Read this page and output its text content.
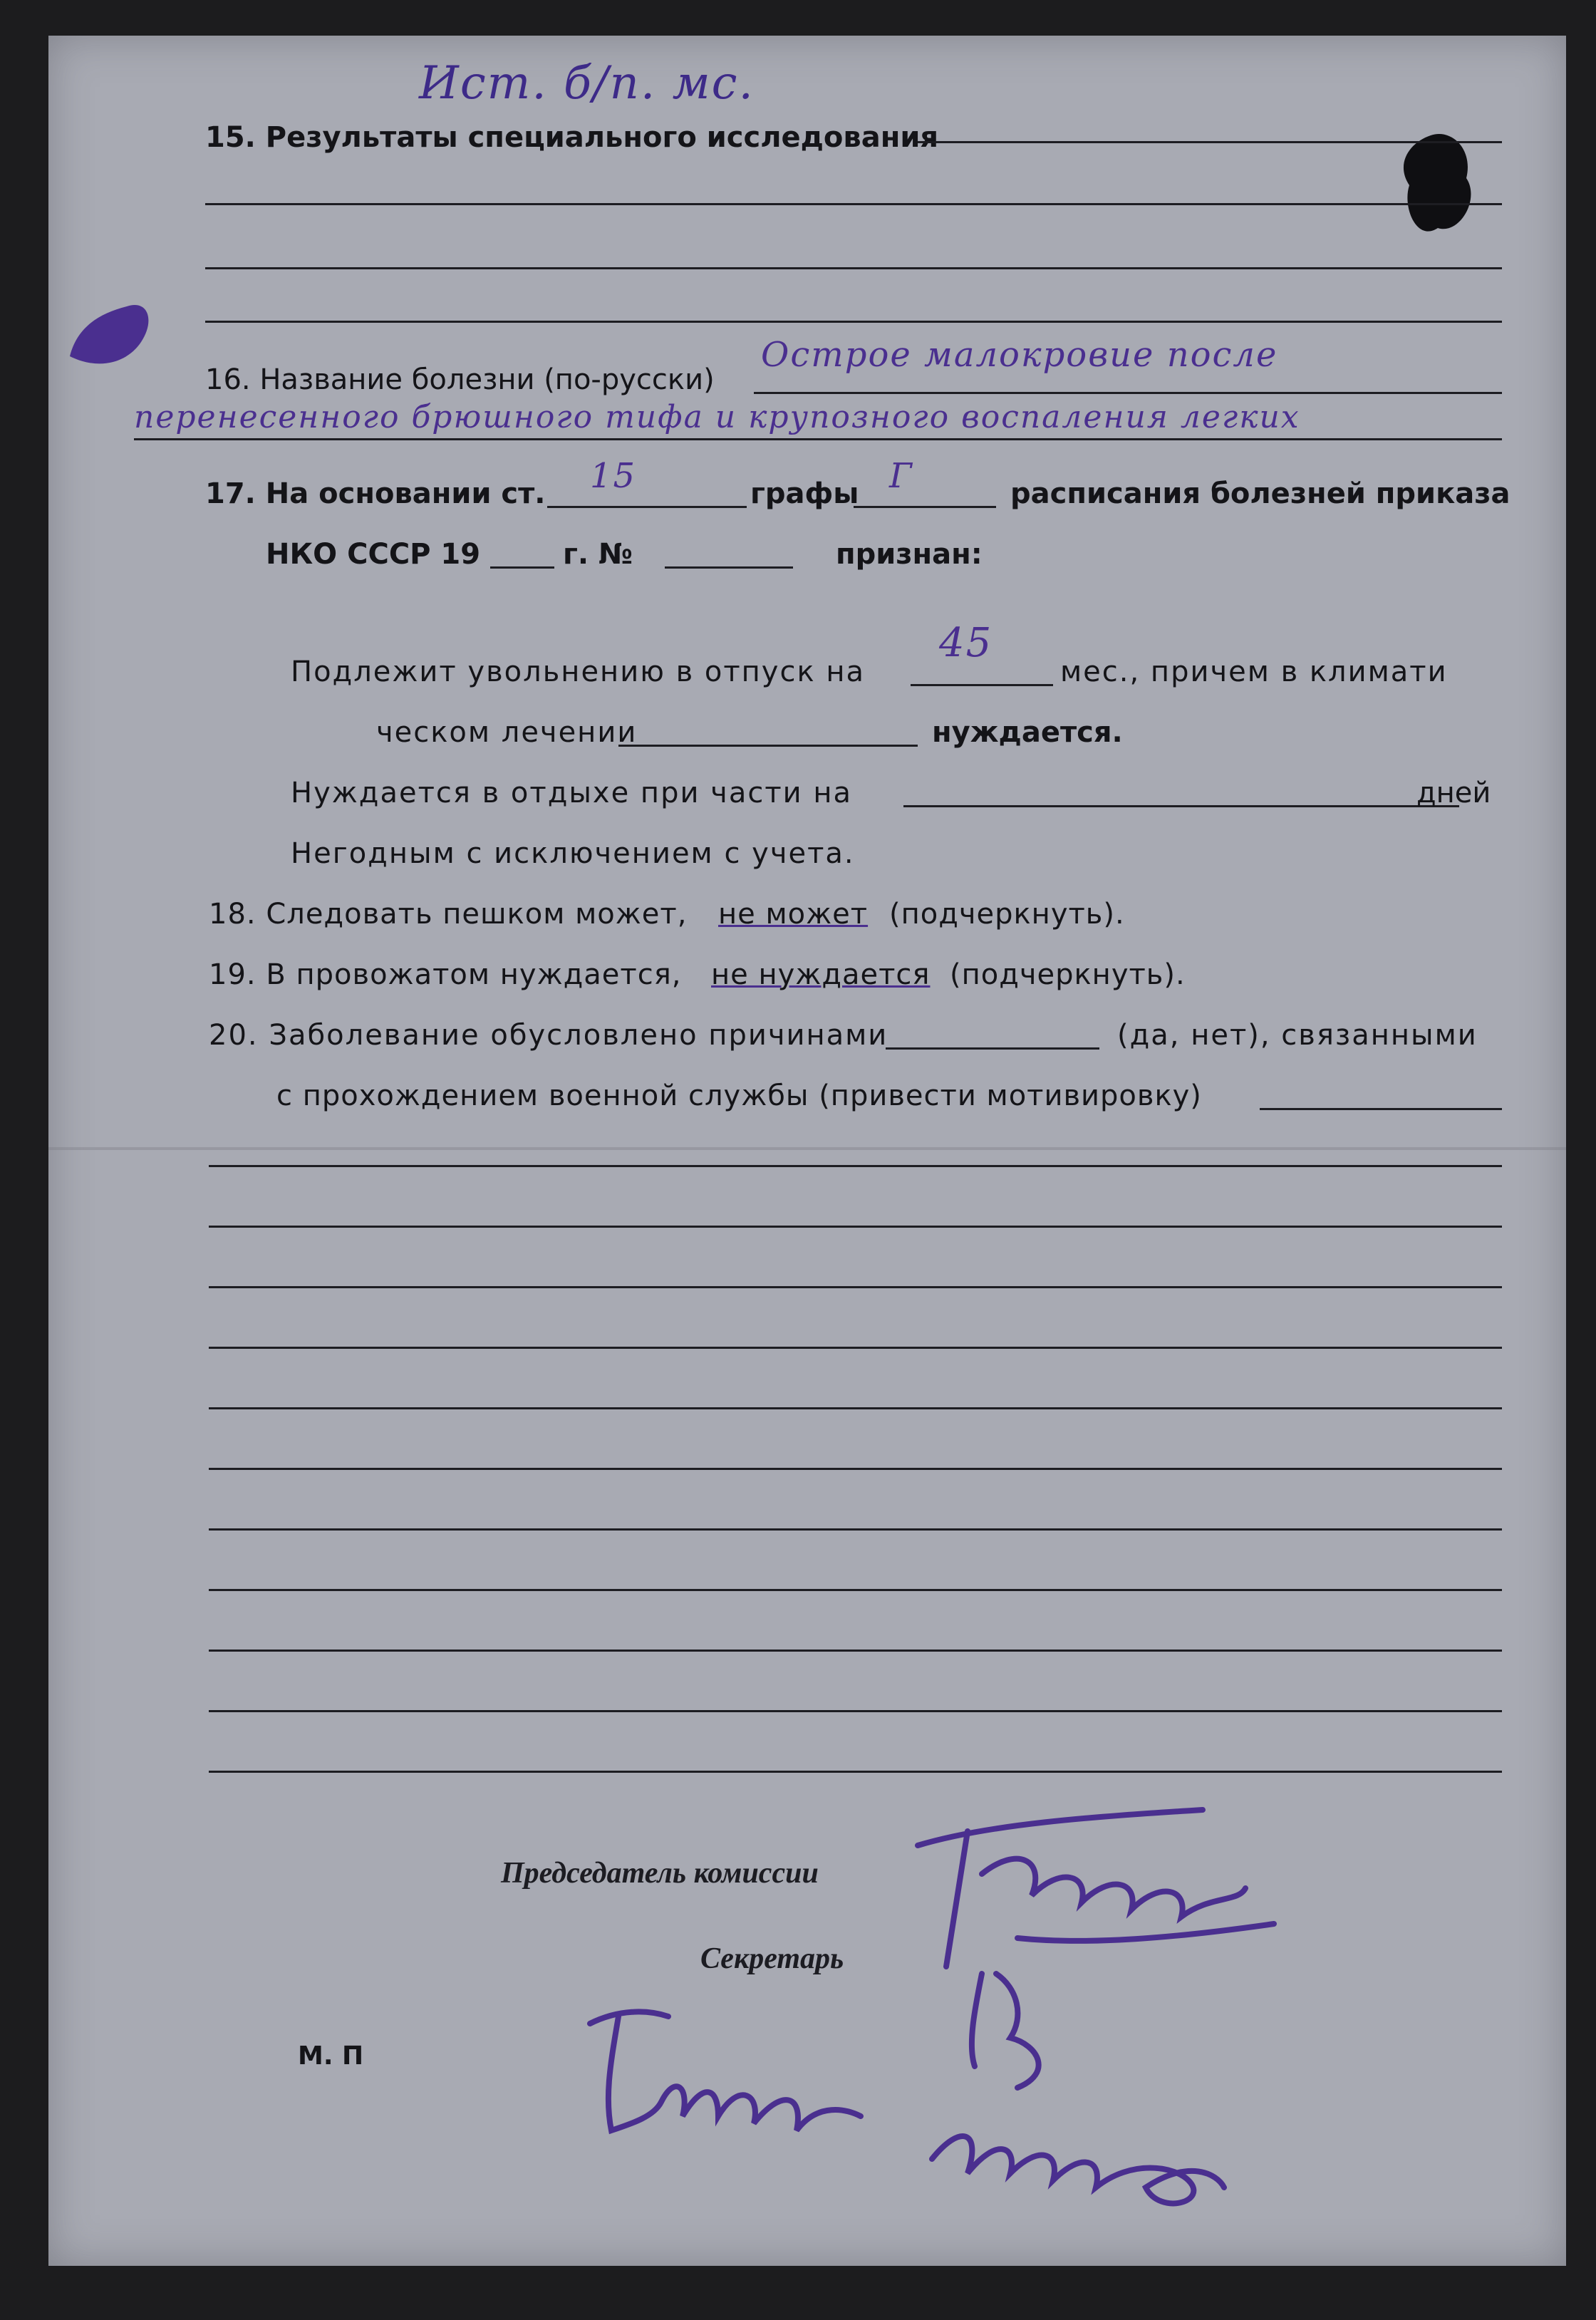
Ист. б/п. мс.
15. Результаты специального исследования
16. Название болезни (по-русски)
Острое малокровие после
перенесенного брюшного тифа и крупозного воспаления легких
17. На основании ст. 15	графы Г	расписания болезней приказа
НКО СССР 19	г. №	признан:
Подлежит увольнению в отпуск на
45
мес., причем в климати
ческом лечении	нуждается.
Нуждается в отдыхе при части на	дней
Негодным с исключением с учета.
18. Следовать пешком может, не может (подчеркнуть).
19. В провожатом нуждается, не нуждается (подчеркнуть).
20. Заболевание обусловлено причинами	(да, нет), связанными
с прохождением военной службы (привести мотивировку)
Председатель комиссии
Секретарь
М. П
